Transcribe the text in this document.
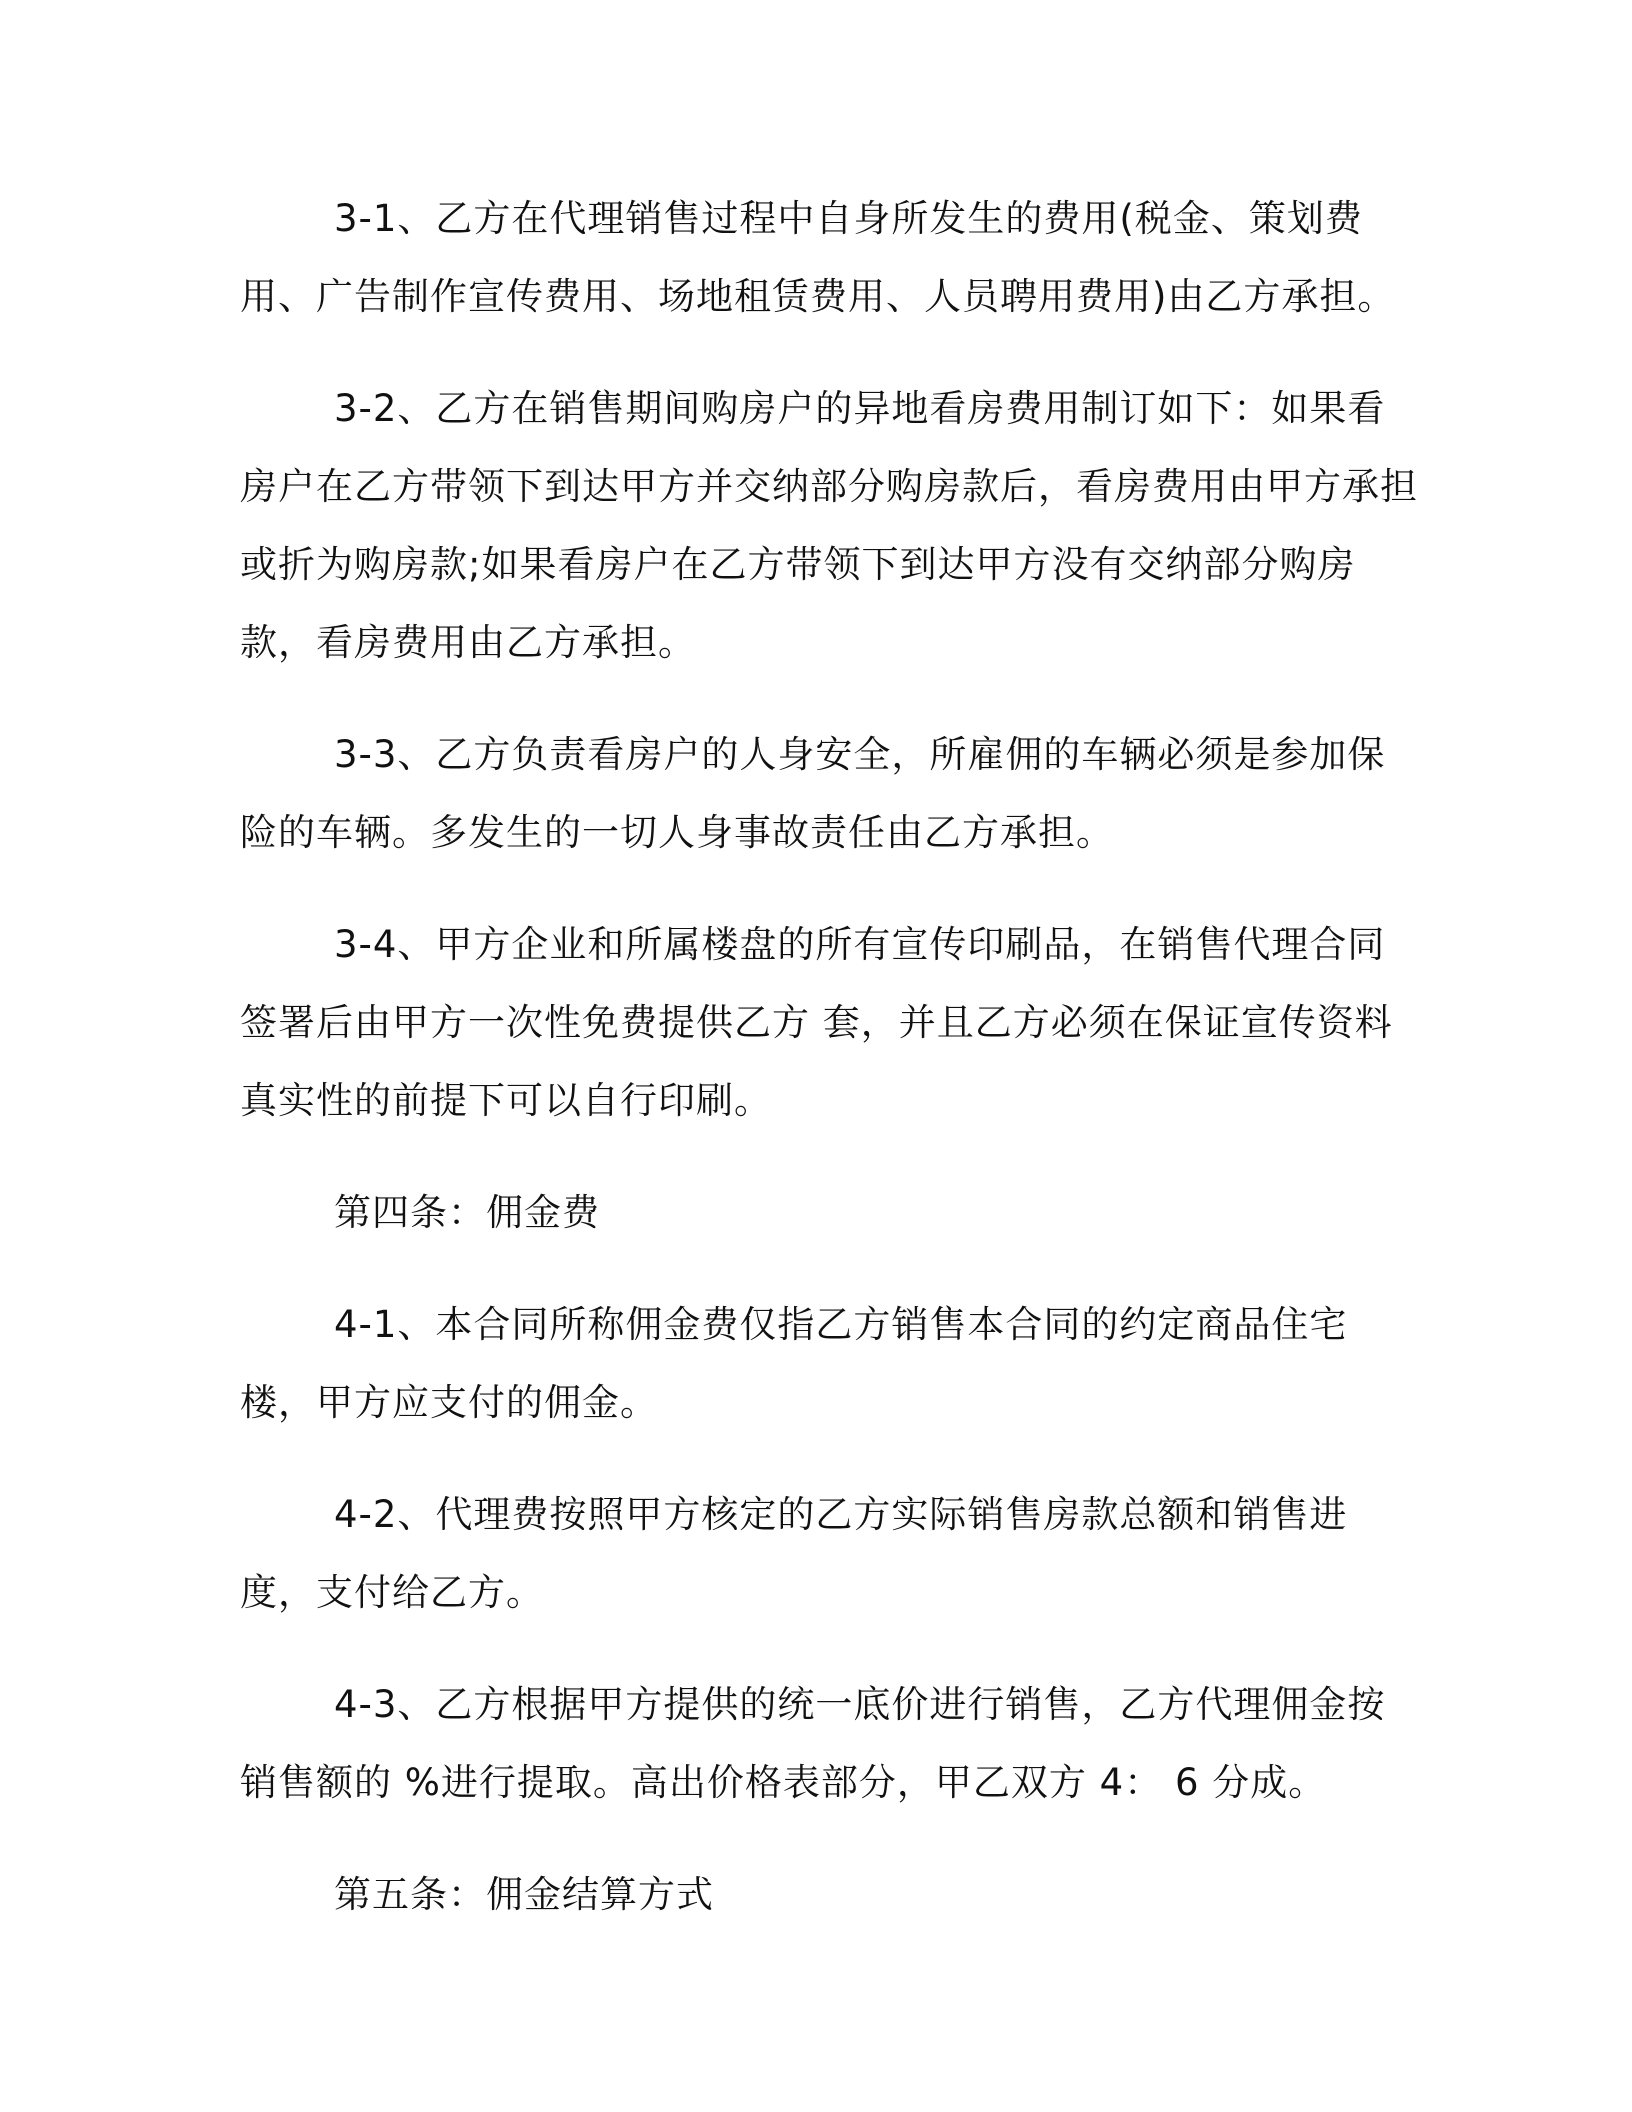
3-1、乙方在代理销售过程中自身所发生的费用(税金、策划费用、广告制作宣传费用、场地租赁费用、人员聘用费用)由乙方承担。

3-2、乙方在销售期间购房户的异地看房费用制订如下：如果看房户在乙方带领下到达甲方并交纳部分购房款后，看房费用由甲方承担或折为购房款;如果看房户在乙方带领下到达甲方没有交纳部分购房款，看房费用由乙方承担。

3-3、乙方负责看房户的人身安全，所雇佣的车辆必须是参加保险的车辆。多发生的一切人身事故责任由乙方承担。

3-4、甲方企业和所属楼盘的所有宣传印刷品，在销售代理合同签署后由甲方一次性免费提供乙方 套，并且乙方必须在保证宣传资料真实性的前提下可以自行印刷。

第四条：佣金费

4-1、本合同所称佣金费仅指乙方销售本合同的约定商品住宅楼，甲方应支付的佣金。

4-2、代理费按照甲方核定的乙方实际销售房款总额和销售进度，支付给乙方。

4-3、乙方根据甲方提供的统一底价进行销售，乙方代理佣金按销售额的 %进行提取。高出价格表部分，甲乙双方 4： 6 分成。

第五条：佣金结算方式
